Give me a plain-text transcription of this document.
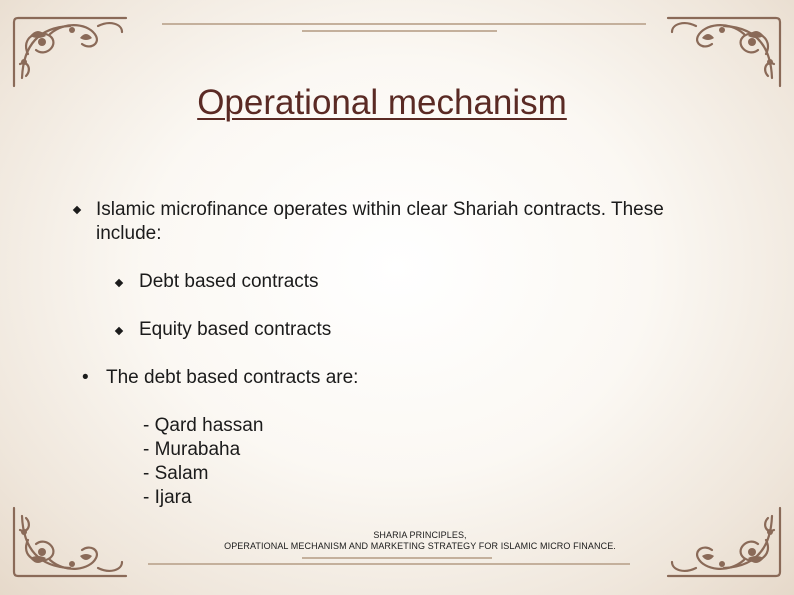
Operational mechanism
Islamic microfinance operates within clear Shariah contracts. These
include:
Debt based contracts
Equity based contracts
• The debt based contracts are:
- Qard hassan
- Murabaha
- Salam
- Ijara
SHARIA PRINCIPLES,
OPERATIONAL MECHANISM AND MARKETING STRATEGY FOR ISLAMIC MICRO FINANCE.
